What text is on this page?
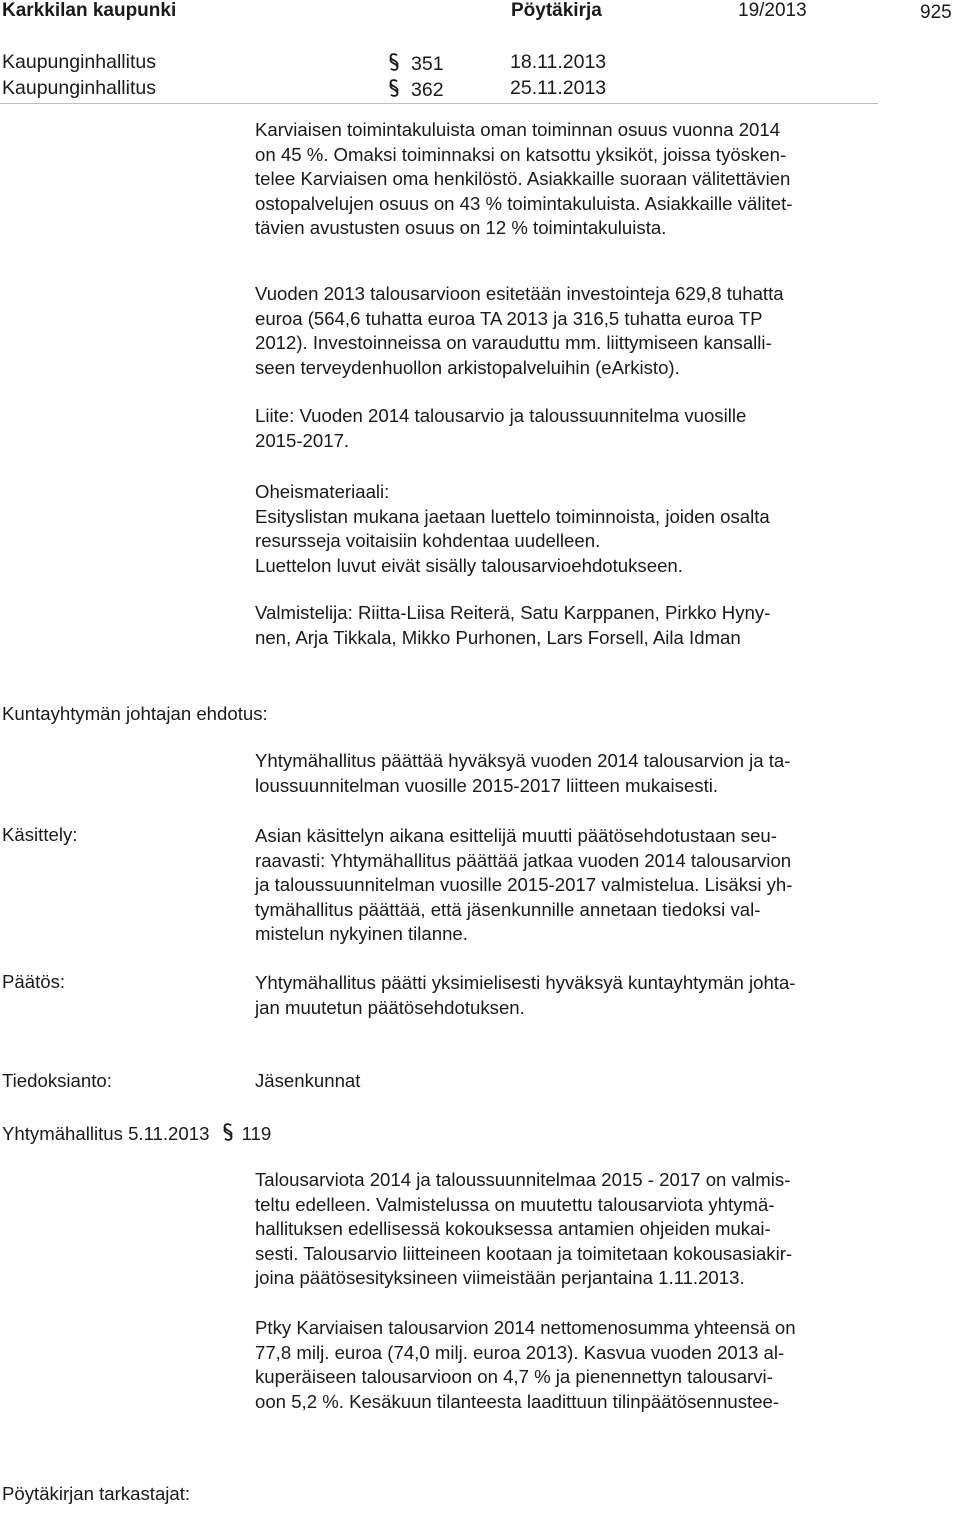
Karkkilan kaupunki	Pöytäkirja	19/2013	925
Kaupunginhallitus	351	18.11.2013
Kaupunginhallitus	362	25.11.2013
Karviaisen toimintakuluista oman toiminnan osuus vuonna 2014
on 45 %. Omaksi toiminnaksi on katsottu yksiköt, joissa työsken-
telee Karviaisen oma henkilöstö. Asiakkaille suoraan välitettävien
ostopalvelujen osuus on 43 % toimintakuluista. Asiakkaille välitet-
tävien avustusten osuus on 12 % toimintakuluista.
Vuoden 2013 talousarvioon esitetään investointeja 629,8 tuhatta
euroa (564,6 tuhatta euroa TA 2013 ja 316,5 tuhatta euroa TP
2012). Investoinneissa on varauduttu mm. liittymiseen kansalli-
seen terveydenhuollon arkistopalveluihin (eArkisto).
Liite: Vuoden 2014 talousarvio ja taloussuunnitelma vuosille
2015-2017.
Oheismateriaali:
Esityslistan mukana jaetaan luettelo toiminnoista, joiden osalta
resursseja voitaisiin kohdentaa uudelleen.
Luettelon luvut eivät sisälly talousarvioehdotukseen.
Valmistelija: Riitta-Liisa Reiterä, Satu Karppanen, Pirkko Hyny-
nen, Arja Tikkala, Mikko Purhonen, Lars Forsell, Aila Idman
Kuntayhtymän johtajan ehdotus:
Yhtymähallitus päättää hyväksyä vuoden 2014 talousarvion ja ta-
loussuunnitelman vuosille 2015-2017 liitteen mukaisesti.
Käsittely:	Asian käsittelyn aikana esittelijä muutti päätösehdotustaan seu-
raavasti: Yhtymähallitus päättää jatkaa vuoden 2014 talousarvion
ja taloussuunnitelman vuosille 2015-2017 valmistelua. Lisäksi yh-
tymähallitus päättää, että jäsenkunnille annetaan tiedoksi val-
mistelun nykyinen tilanne.
Päätös:	Yhtymähallitus päätti yksimielisesti hyväksyä kuntayhtymän johta-
jan muutetun päätösehdotuksen.
Tiedoksianto:	Jäsenkunnat
Yhtymähallitus 5.11.2013 119
Talousarviota 2014 ja taloussuunnitelmaa 2015 - 2017 on valmis-
teltu edelleen. Valmistelussa on muutettu talousarviota yhtymä-
hallituksen edellisessä kokouksessa antamien ohjeiden mukai-
sesti. Talousarvio liitteineen kootaan ja toimitetaan kokousasiakir-
joina päätösesityksineen viimeistään perjantaina 1.11.2013.
Ptky Karviaisen talousarvion 2014 nettomenosumma yhteensä on
77,8 milj. euroa (74,0 milj. euroa 2013). Kasvua vuoden 2013 al-
kuperäiseen talousarvioon on 4,7 % ja pienennettyn talousarvi-
oon 5,2 %. Kesäkuun tilanteesta laadittuun tilinpäätösennustee-
Pöytäkirjan tarkastajat:
